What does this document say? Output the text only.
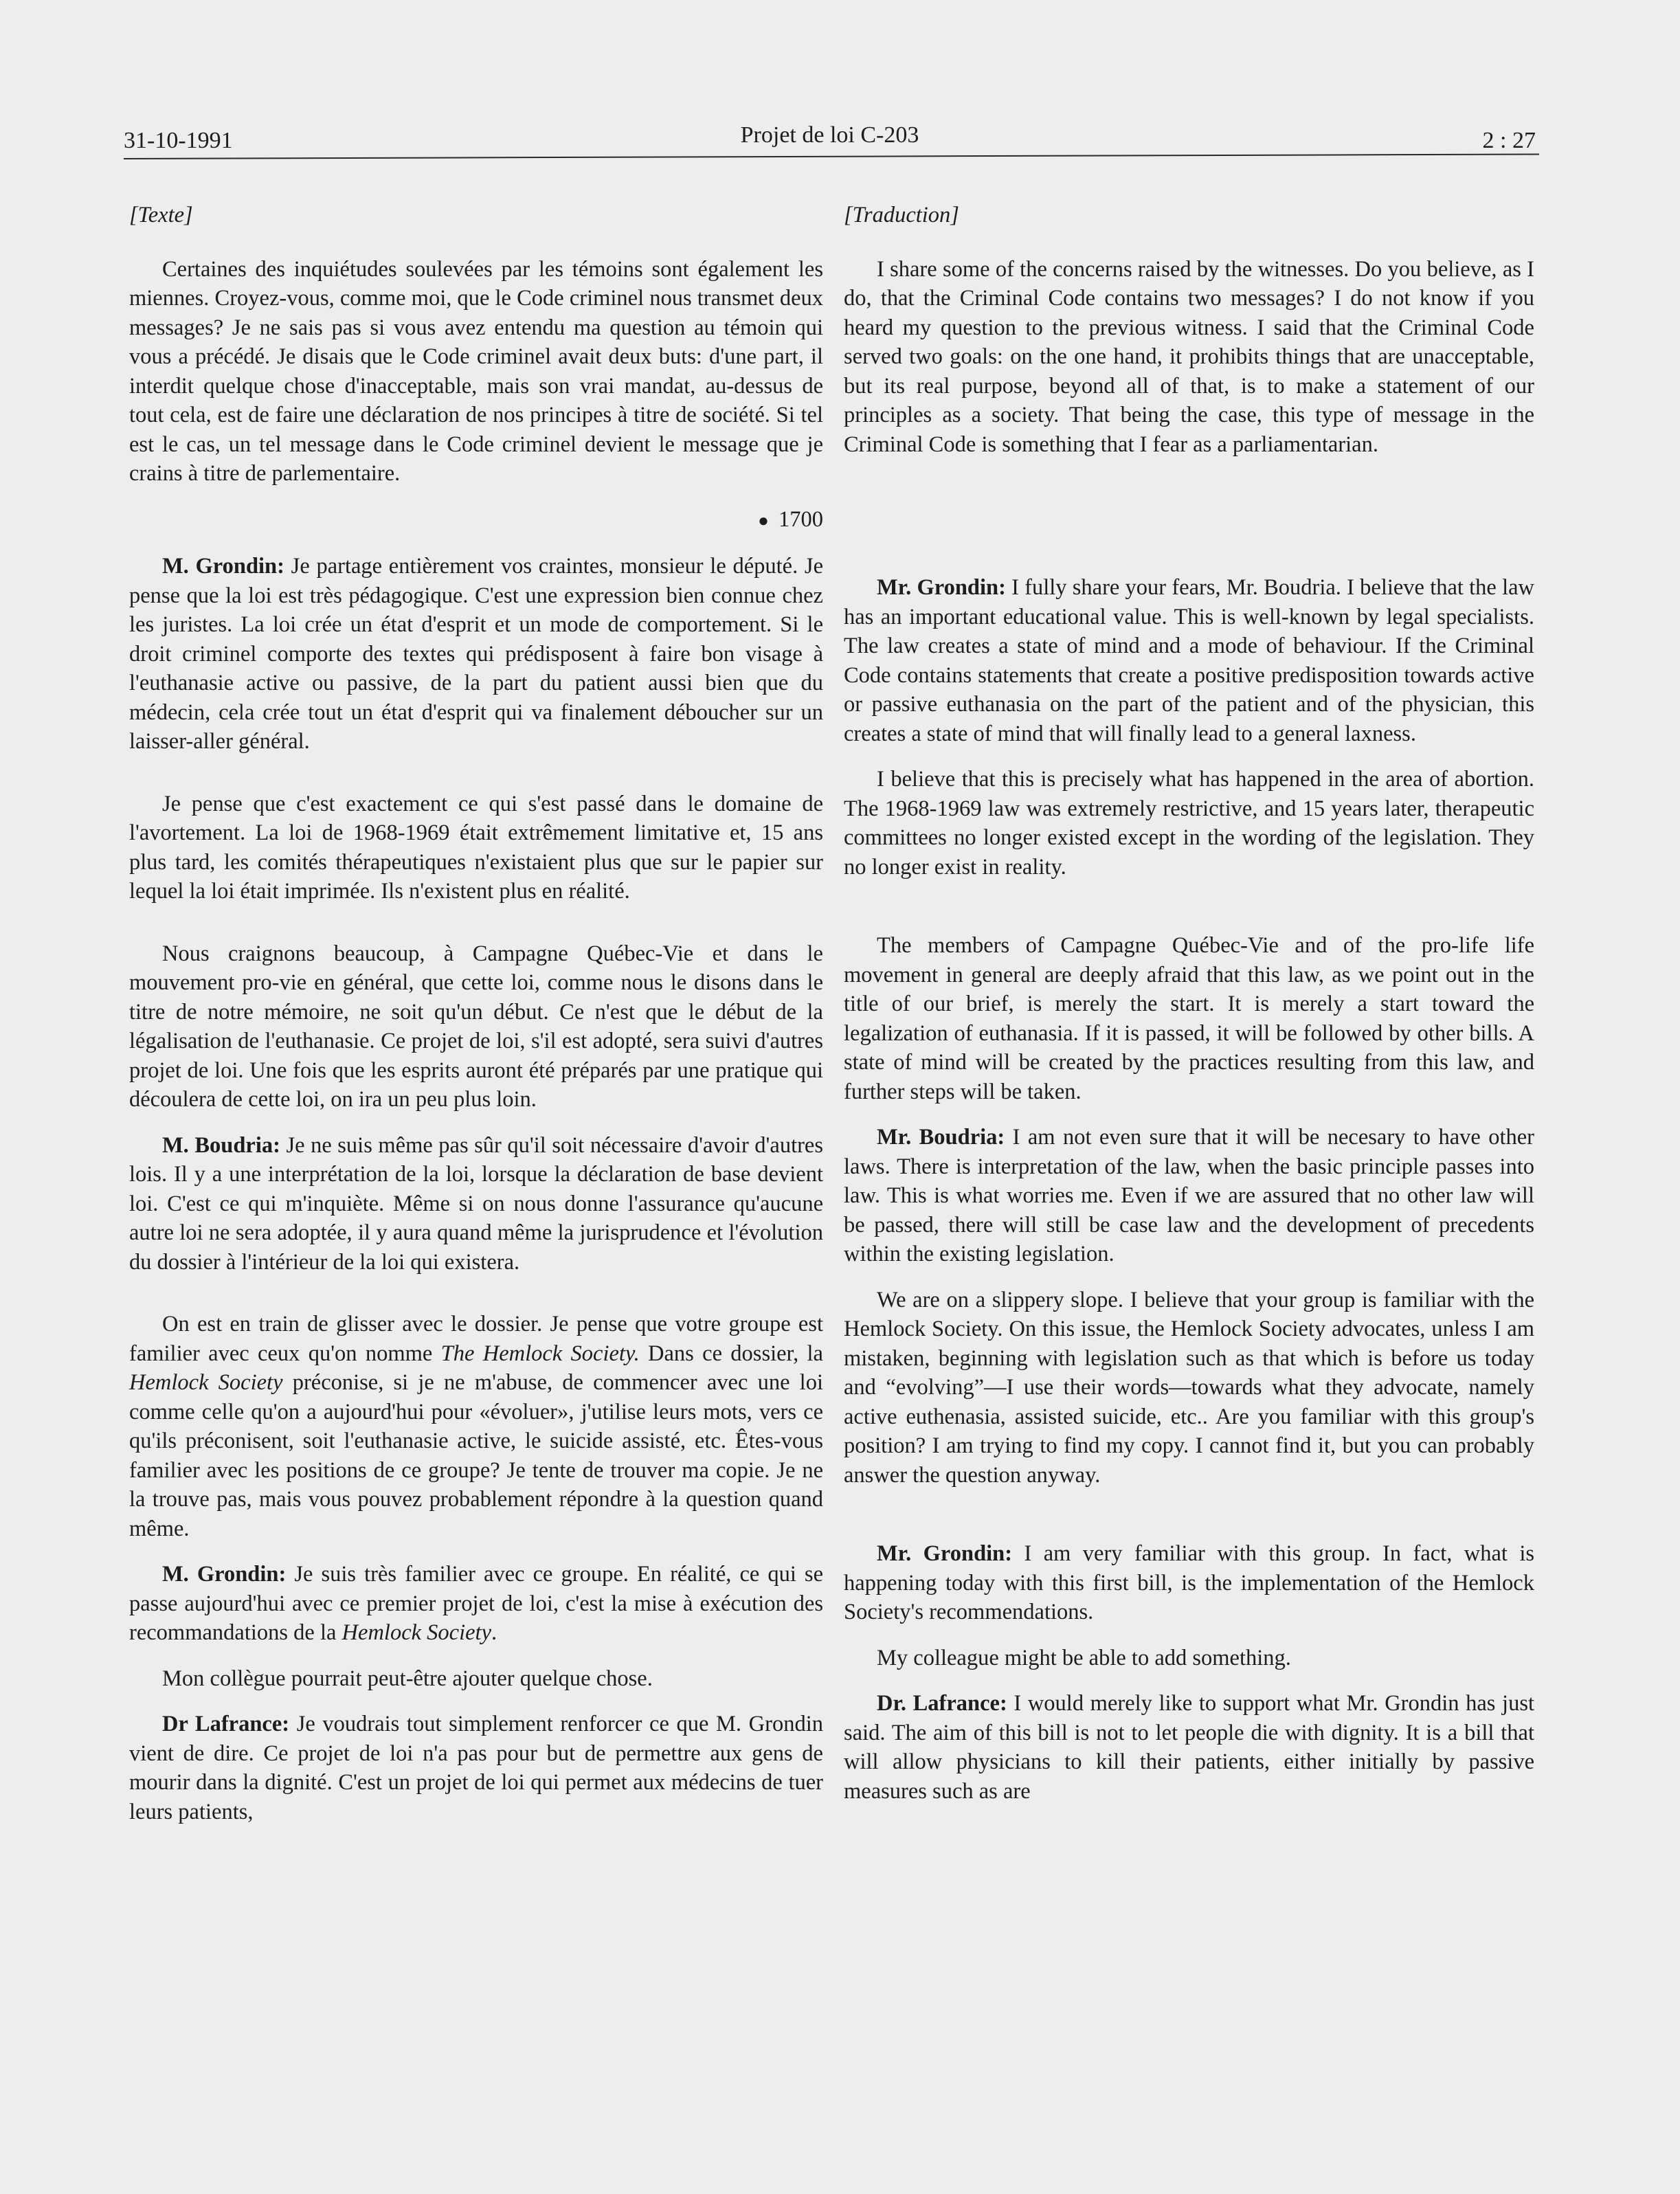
31-10-1991	Projet de loi C-203	2 : 27

[Texte]

Certaines des inquiétudes soulevées par les témoins sont également les miennes. Croyez-vous, comme moi, que le Code criminel nous transmet deux messages? Je ne sais pas si vous avez entendu ma question au témoin qui vous a précédé. Je disais que le Code criminel avait deux buts: d'une part, il interdit quelque chose d'inacceptable, mais son vrai mandat, au-dessus de tout cela, est de faire une déclaration de nos principes à titre de société. Si tel est le cas, un tel message dans le Code criminel devient le message que je crains à titre de parlementaire.

● 1700

M. Grondin: Je partage entièrement vos craintes, monsieur le député. Je pense que la loi est très pédagogique. C'est une expression bien connue chez les juristes. La loi crée un état d'esprit et un mode de comportement. Si le droit criminel comporte des textes qui prédisposent à faire bon visage à l'euthanasie active ou passive, de la part du patient aussi bien que du médecin, cela crée tout un état d'esprit qui va finalement déboucher sur un laisser-aller général.

Je pense que c'est exactement ce qui s'est passé dans le domaine de l'avortement. La loi de 1968-1969 était extrêmement limitative et, 15 ans plus tard, les comités thérapeutiques n'existaient plus que sur le papier sur lequel la loi était imprimée. Ils n'existent plus en réalité.

Nous craignons beaucoup, à Campagne Québec-Vie et dans le mouvement pro-vie en général, que cette loi, comme nous le disons dans le titre de notre mémoire, ne soit qu'un début. Ce n'est que le début de la légalisation de l'euthanasie. Ce projet de loi, s'il est adopté, sera suivi d'autres projet de loi. Une fois que les esprits auront été préparés par une pratique qui découlera de cette loi, on ira un peu plus loin.

M. Boudria: Je ne suis même pas sûr qu'il soit nécessaire d'avoir d'autres lois. Il y a une interprétation de la loi, lorsque la déclaration de base devient loi. C'est ce qui m'inquiète. Même si on nous donne l'assurance qu'aucune autre loi ne sera adoptée, il y aura quand même la jurisprudence et l'évolution du dossier à l'intérieur de la loi qui existera.

On est en train de glisser avec le dossier. Je pense que votre groupe est familier avec ceux qu'on nomme The Hemlock Society. Dans ce dossier, la Hemlock Society préconise, si je ne m'abuse, de commencer avec une loi comme celle qu'on a aujourd'hui pour «évoluer», j'utilise leurs mots, vers ce qu'ils préconisent, soit l'euthanasie active, le suicide assisté, etc. Êtes-vous familier avec les positions de ce groupe? Je tente de trouver ma copie. Je ne la trouve pas, mais vous pouvez probablement répondre à la question quand même.

M. Grondin: Je suis très familier avec ce groupe. En réalité, ce qui se passe aujourd'hui avec ce premier projet de loi, c'est la mise à exécution des recommandations de la Hemlock Society.

Mon collègue pourrait peut-être ajouter quelque chose.

Dr Lafrance: Je voudrais tout simplement renforcer ce que M. Grondin vient de dire. Ce projet de loi n'a pas pour but de permettre aux gens de mourir dans la dignité. C'est un projet de loi qui permet aux médecins de tuer leurs patients,

[Traduction]

I share some of the concerns raised by the witnesses. Do you believe, as I do, that the Criminal Code contains two messages? I do not know if you heard my question to the previous witness. I said that the Criminal Code served two goals: on the one hand, it prohibits things that are unacceptable, but its real purpose, beyond all of that, is to make a statement of our principles as a society. That being the case, this type of message in the Criminal Code is something that I fear as a parliamentarian.

Mr. Grondin: I fully share your fears, Mr. Boudria. I believe that the law has an important educational value. This is well-known by legal specialists. The law creates a state of mind and a mode of behaviour. If the Criminal Code contains statements that create a positive predisposition towards active or passive euthanasia on the part of the patient and of the physician, this creates a state of mind that will finally lead to a general laxness.

I believe that this is precisely what has happened in the area of abortion. The 1968-1969 law was extremely restrictive, and 15 years later, therapeutic committees no longer existed except in the wording of the legislation. They no longer exist in reality.

The members of Campagne Québec-Vie and of the pro-life life movement in general are deeply afraid that this law, as we point out in the title of our brief, is merely the start. It is merely a start toward the legalization of euthanasia. If it is passed, it will be followed by other bills. A state of mind will be created by the practices resulting from this law, and further steps will be taken.

Mr. Boudria: I am not even sure that it will be necesary to have other laws. There is interpretation of the law, when the basic principle passes into law. This is what worries me. Even if we are assured that no other law will be passed, there will still be case law and the development of precedents within the existing legislation.

We are on a slippery slope. I believe that your group is familiar with the Hemlock Society. On this issue, the Hemlock Society advocates, unless I am mistaken, beginning with legislation such as that which is before us today and “evolving”—I use their words—towards what they advocate, namely active euthenasia, assisted suicide, etc.. Are you familiar with this group's position? I am trying to find my copy. I cannot find it, but you can probably answer the question anyway.

Mr. Grondin: I am very familiar with this group. In fact, what is happening today with this first bill, is the implementation of the Hemlock Society's recommendations.

My colleague might be able to add something.

Dr. Lafrance: I would merely like to support what Mr. Grondin has just said. The aim of this bill is not to let people die with dignity. It is a bill that will allow physicians to kill their patients, either initially by passive measures such as are
